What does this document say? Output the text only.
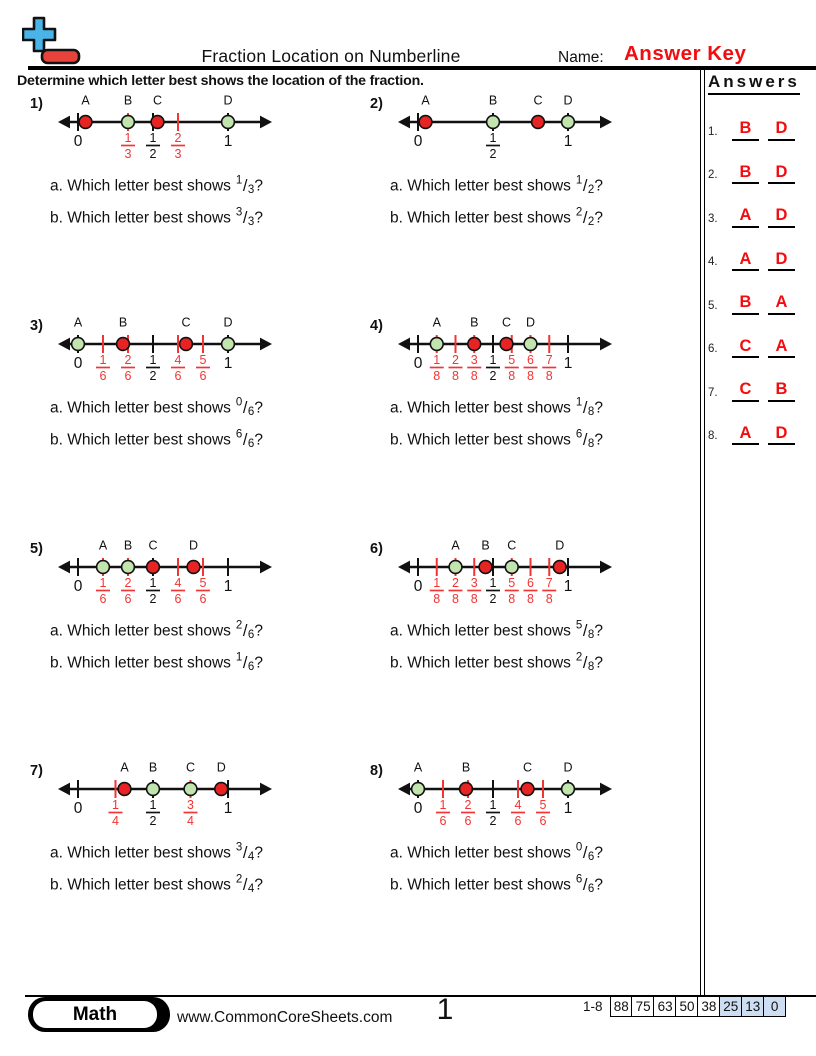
Fraction Location on Numberline	Name: Answer Key
Determine which letter best shows the location of the fraction.	Answers
1.	B	D
2.	B	D
3.	A	D
4.	A	D
5.	B	A
6.	C	A
7.	C	B
8.	A	D
1)
0	1
3
1
2
2
3
1
A	B C	D
a. Which letter best shows $^1$/3?
b. Which letter best shows $^3$/3?
2)
0	1
2
1
A	B	C D
a. Which letter best shows $^1$/2?
b. Which letter best shows $^2$/2?
3)
0 1
6
2
6
1
2
4
6
5
6
1
A	B	C	D
a. Which letter best shows $^0$/6?
b. Which letter best shows $^6$/6?
4)
0 1
8
2
8
3
8
1
2
5
8
6
8
7
8
1
A B C D
a. Which letter best shows $^1$/8?
b. Which letter best shows $^6$/8?
5)
0 1
6
2
6
1
2
4
6
5
6
1
A B C	D
a. Which letter best shows $^2$/6?
b. Which letter best shows $^1$/6?
6)
0 1
8
2
8
3
8
1
2
5
8
6
8
7
8
1
A B C	D
a. Which letter best shows $^5$/8?
b. Which letter best shows $^2$/8?
7)
0 1
4
1
2
3
4
1
A B C D
a. Which letter best shows $^3$/4?
b. Which letter best shows $^2$/4?
8)
0 1
6
2
6
1
2
4
6
5
6
1
A	B	C	D
a. Which letter best shows $^0$/6?
b. Which letter best shows $^6$/6?
Math	www.CommonCoreSheets.com	1	1-8 88 75 63 50 38 25 13 0
